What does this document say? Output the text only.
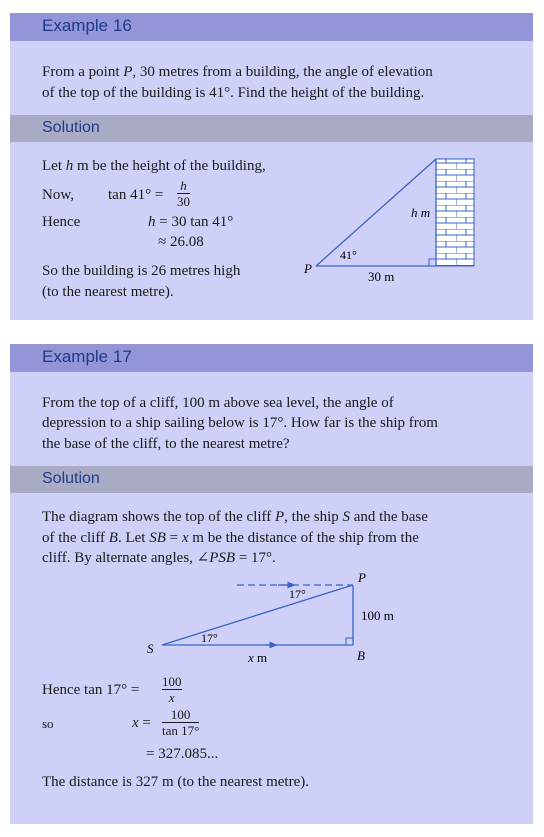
Example 16
From a point P, 30 metres from a building, the angle of elevation
of the top of the building is 41°. Find the height of the building.
Solution
Let h m be the height of the building,
Now, tan 41° =
h
30
Hence	h = 30 tan 41°
≈ 26.08
So the building is 26 metres high
(to the nearest metre).
P
41°
30 m
h m
Example 17
From the top of a cliff, 100 m above sea level, the angle of
depression to a ship sailing below is 17°. How far is the ship from
the base of the cliff, to the nearest metre?
Solution
The diagram shows the top of the cliff P, the ship S and the base
of the cliff B. Let SB = x m be the distance of the ship from the
cliff. By alternate angles, ∠PSB = 17°.
P
S	B
17°
17°
100 m
x m
Hence tan 17° =
100
x
so	x =
100
tan 17°
= 327.085...
The distance is 327 m (to the nearest metre).
